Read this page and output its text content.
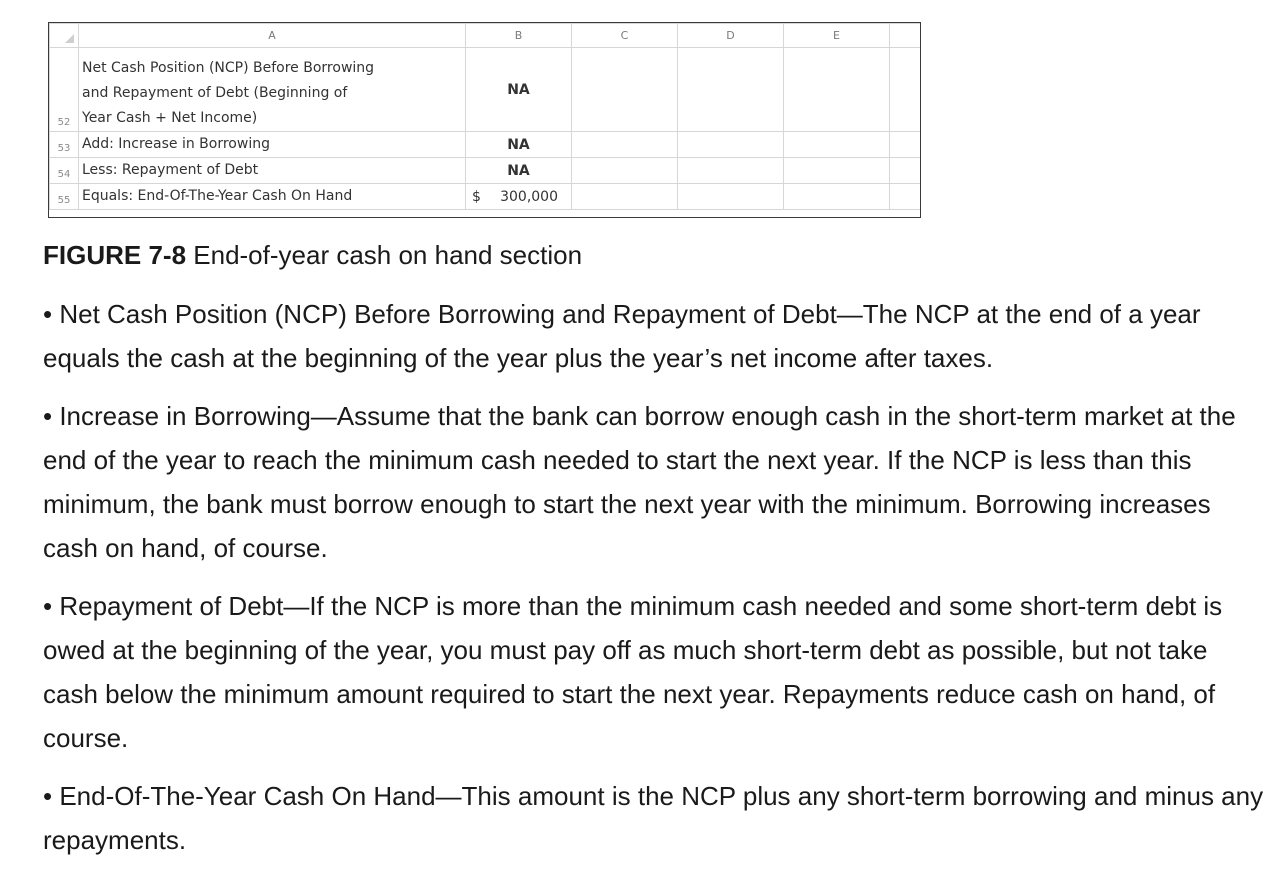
	A	B	C	D	E	
52	Net Cash Position (NCP) Before Borrowing
and Repayment of Debt (Beginning of
Year Cash + Net Income)	NA				
53	Add: Increase in Borrowing	NA				
54	Less: Repayment of Debt	NA				
55	Equals: End-Of-The-Year Cash On Hand	$ 300,000				

FIGURE 7-8 End-of-year cash on hand section

• Net Cash Position (NCP) Before Borrowing and Repayment of Debt—The NCP at the end of a year equals the cash at the beginning of the year plus the year’s net income after taxes.

• Increase in Borrowing—Assume that the bank can borrow enough cash in the short-term market at the end of the year to reach the minimum cash needed to start the next year. If the NCP is less than this minimum, the bank must borrow enough to start the next year with the minimum. Borrowing increases cash on hand, of course.

• Repayment of Debt—If the NCP is more than the minimum cash needed and some short-term debt is owed at the beginning of the year, you must pay off as much short-term debt as possible, but not take cash below the minimum amount required to start the next year. Repayments reduce cash on hand, of course.

• End-Of-The-Year Cash On Hand—This amount is the NCP plus any short-term borrowing and minus any repayments.
